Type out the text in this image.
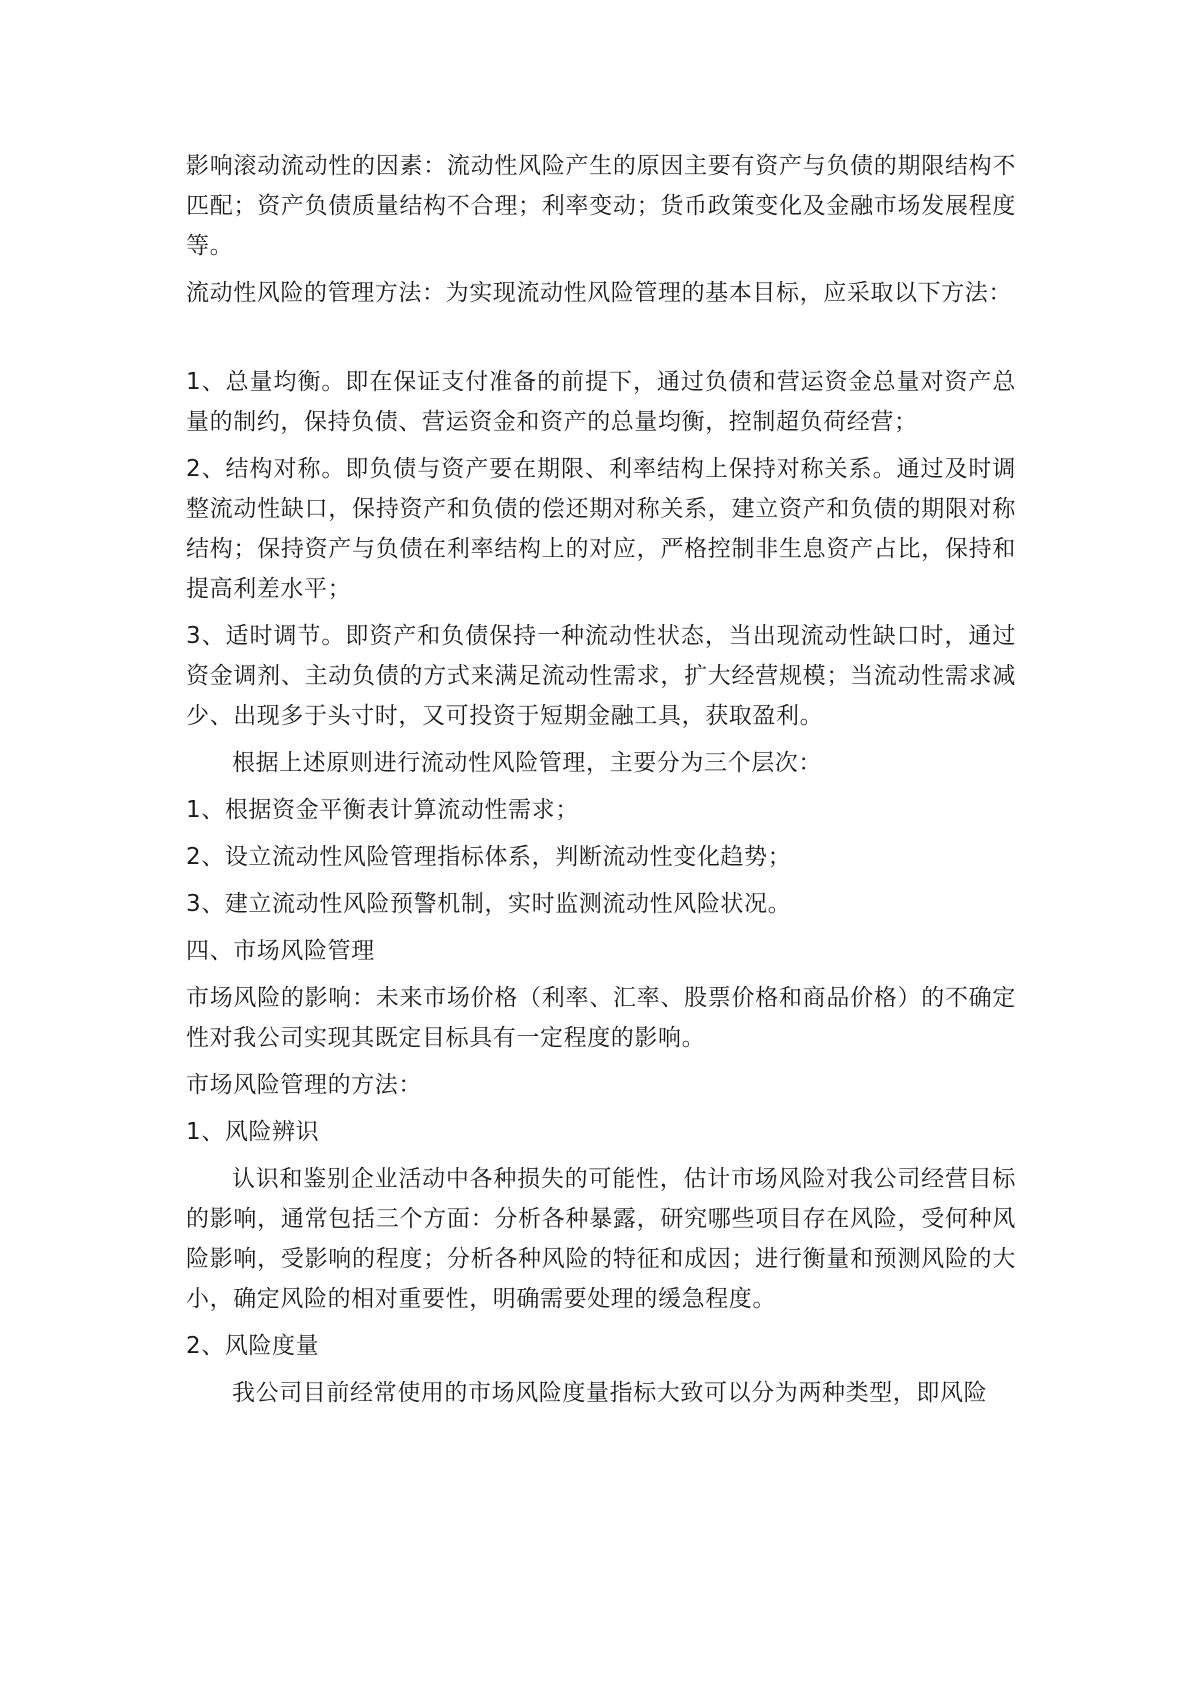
影响滚动流动性的因素：流动性风险产生的原因主要有资产与负债的期限结构不匹配；资产负债质量结构不合理；利率变动；货币政策变化及金融市场发展程度等。

流动性风险的管理方法：为实现流动性风险管理的基本目标，应采取以下方法：

1、总量均衡。即在保证支付准备的前提下，通过负债和营运资金总量对资产总量的制约，保持负债、营运资金和资产的总量均衡，控制超负荷经营；

2、结构对称。即负债与资产要在期限、利率结构上保持对称关系。通过及时调整流动性缺口，保持资产和负债的偿还期对称关系，建立资产和负债的期限对称结构；保持资产与负债在利率结构上的对应，严格控制非生息资产占比，保持和提高利差水平；

3、适时调节。即资产和负债保持一种流动性状态，当出现流动性缺口时，通过资金调剂、主动负债的方式来满足流动性需求，扩大经营规模；当流动性需求减少、出现多于头寸时，又可投资于短期金融工具，获取盈利。

根据上述原则进行流动性风险管理，主要分为三个层次：

1、根据资金平衡表计算流动性需求；

2、设立流动性风险管理指标体系，判断流动性变化趋势；

3、建立流动性风险预警机制，实时监测流动性风险状况。

四、市场风险管理

市场风险的影响：未来市场价格（利率、汇率、股票价格和商品价格）的不确定性对我公司实现其既定目标具有一定程度的影响。

市场风险管理的方法：

1、风险辨识

认识和鉴别企业活动中各种损失的可能性，估计市场风险对我公司经营目标的影响，通常包括三个方面：分析各种暴露，研究哪些项目存在风险，受何种风险影响，受影响的程度；分析各种风险的特征和成因；进行衡量和预测风险的大小，确定风险的相对重要性，明确需要处理的缓急程度。

2、风险度量

我公司目前经常使用的市场风险度量指标大致可以分为两种类型，即风险
